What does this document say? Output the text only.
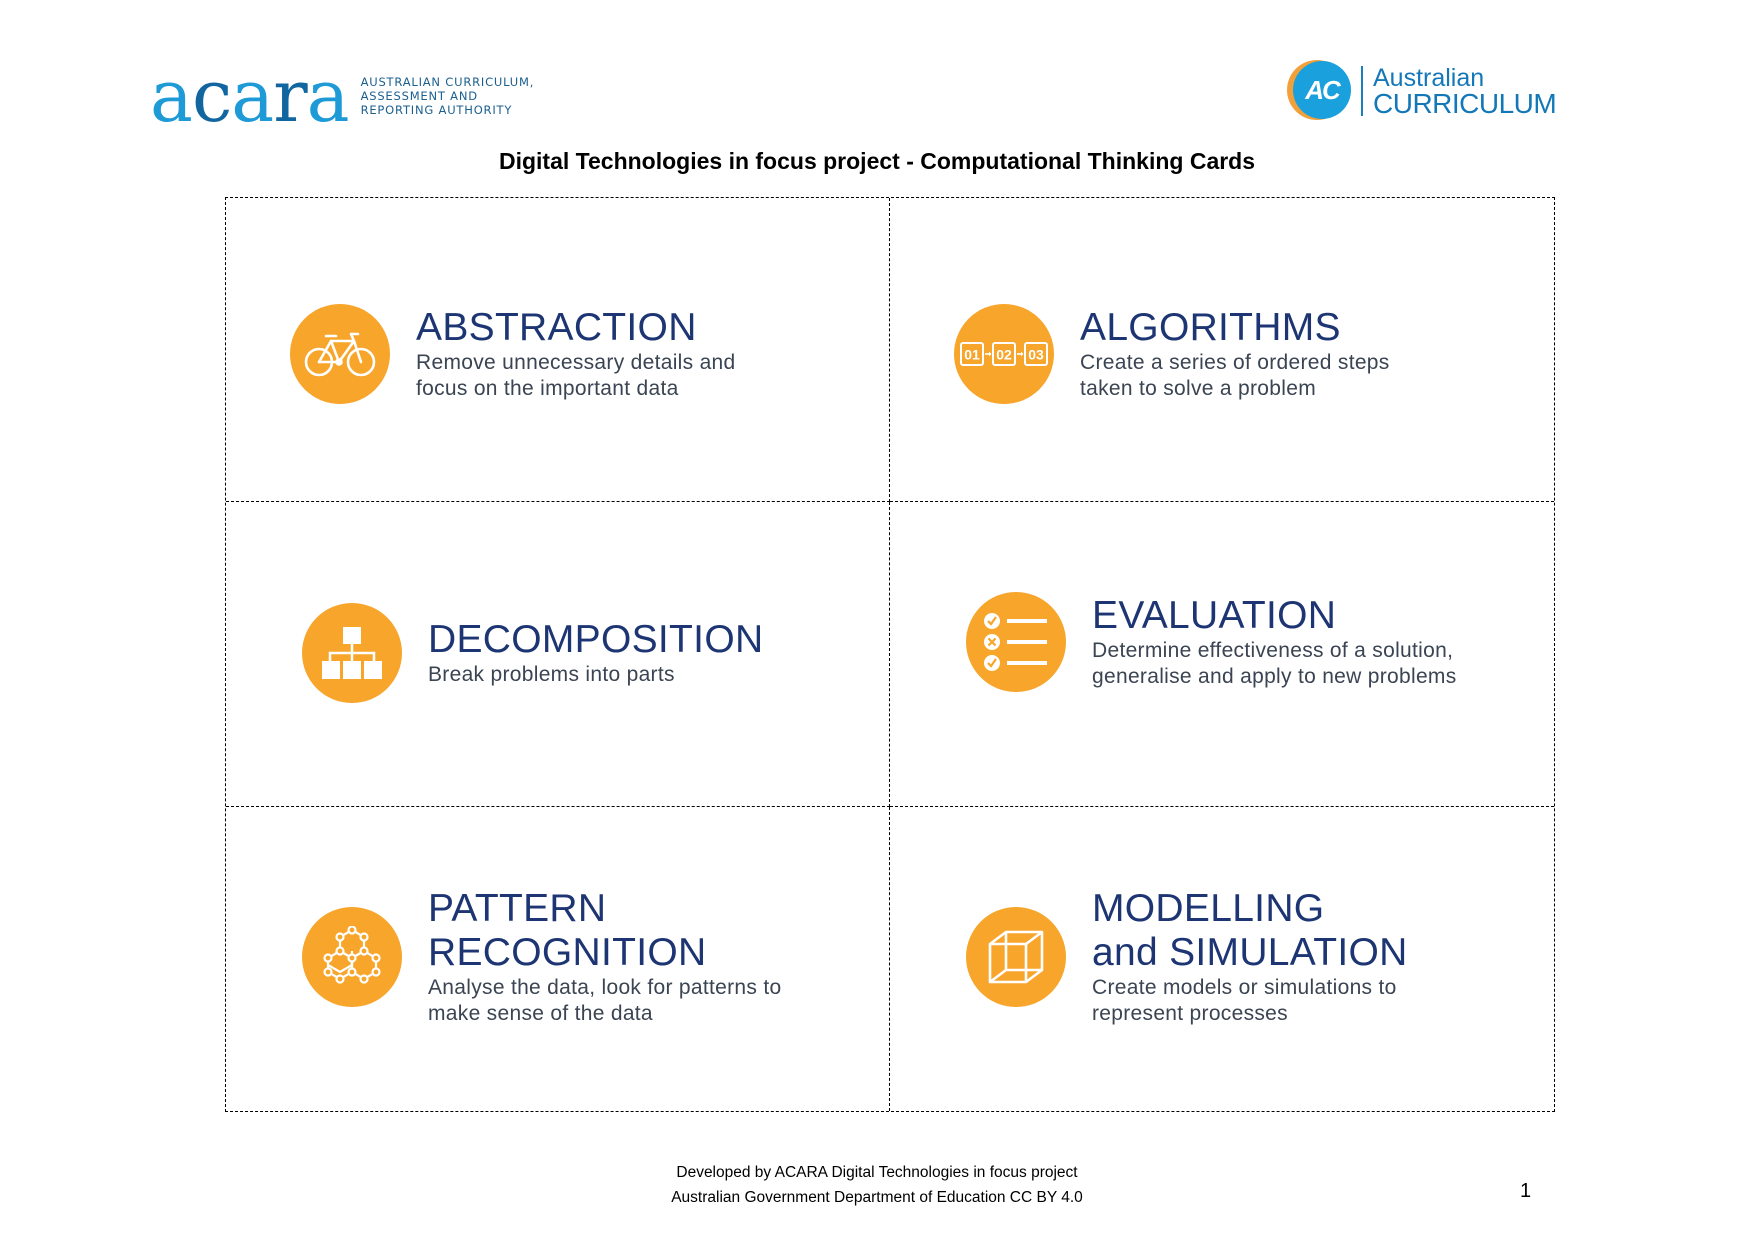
acara AUSTRALIAN CURRICULUM,
ASSESSMENT AND
REPORTING AUTHORITY
AC	Australian
CURRICULUM
Digital Technologies in focus project - Computational Thinking Cards
ABSTRACTION
Remove unnecessary details and
focus on the important data
01 02 03
ALGORITHMS
Create a series of ordered steps
taken to solve a problem
DECOMPOSITION
Break problems into parts
EVALUATION
Determine effectiveness of a solution,
generalise and apply to new problems
PATTERN
RECOGNITION
Analyse the data, look for patterns to
make sense of the data
MODELLING
and SIMULATION
Create models or simulations to
represent processes
Developed by ACARA Digital Technologies in focus project
Australian Government Department of Education CC BY 4.0	1
